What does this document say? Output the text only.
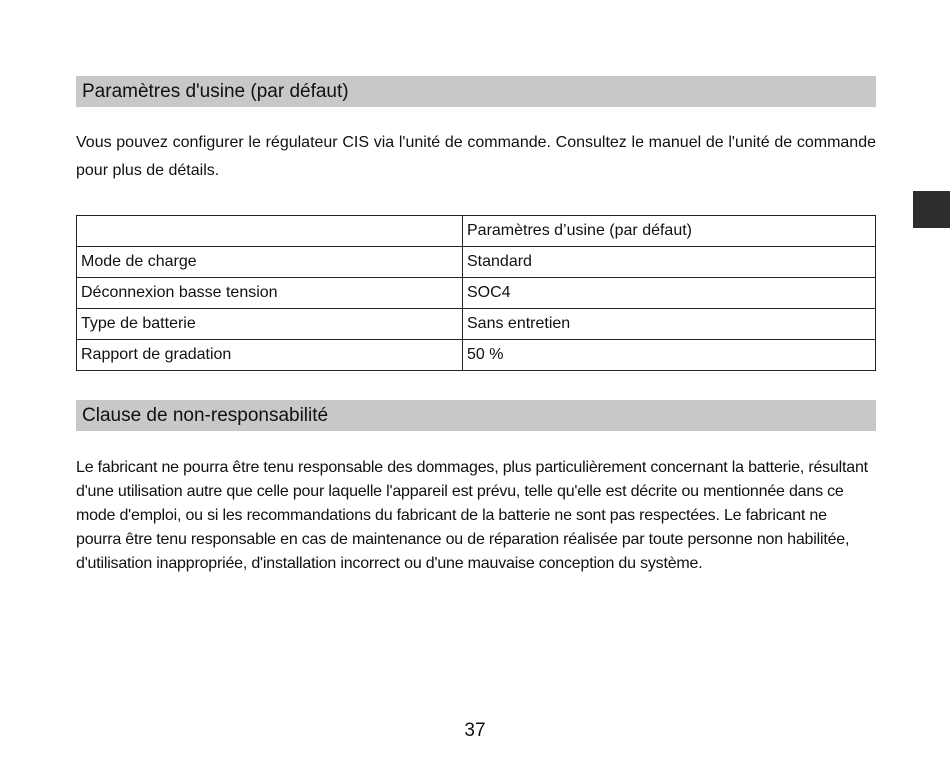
Paramètres d'usine (par défaut)

Vous pouvez configurer le régulateur CIS via l'unité de commande. Consultez le manuel de l'unité de commande pour plus de détails.

	Paramètres d’usine (par défaut)
Mode de charge	Standard
Déconnexion basse tension	SOC4
Type de batterie	Sans entretien
Rapport de gradation	50 %
Clause de non-responsabilité

Le fabricant ne pourra être tenu responsable des dommages, plus particulièrement concernant la batterie, résultant d'une utilisation autre que celle pour laquelle l'appareil est prévu, telle qu'elle est décrite ou mentionnée dans ce mode d'emploi, ou si les recommandations du fabricant de la batterie ne sont pas respectées. Le fabricant ne pourra être tenu responsable en cas de maintenance ou de réparation réalisée par toute personne non habilitée, d'utilisation inappropriée, d'installation incorrect ou d'une mauvaise conception du système.

37
